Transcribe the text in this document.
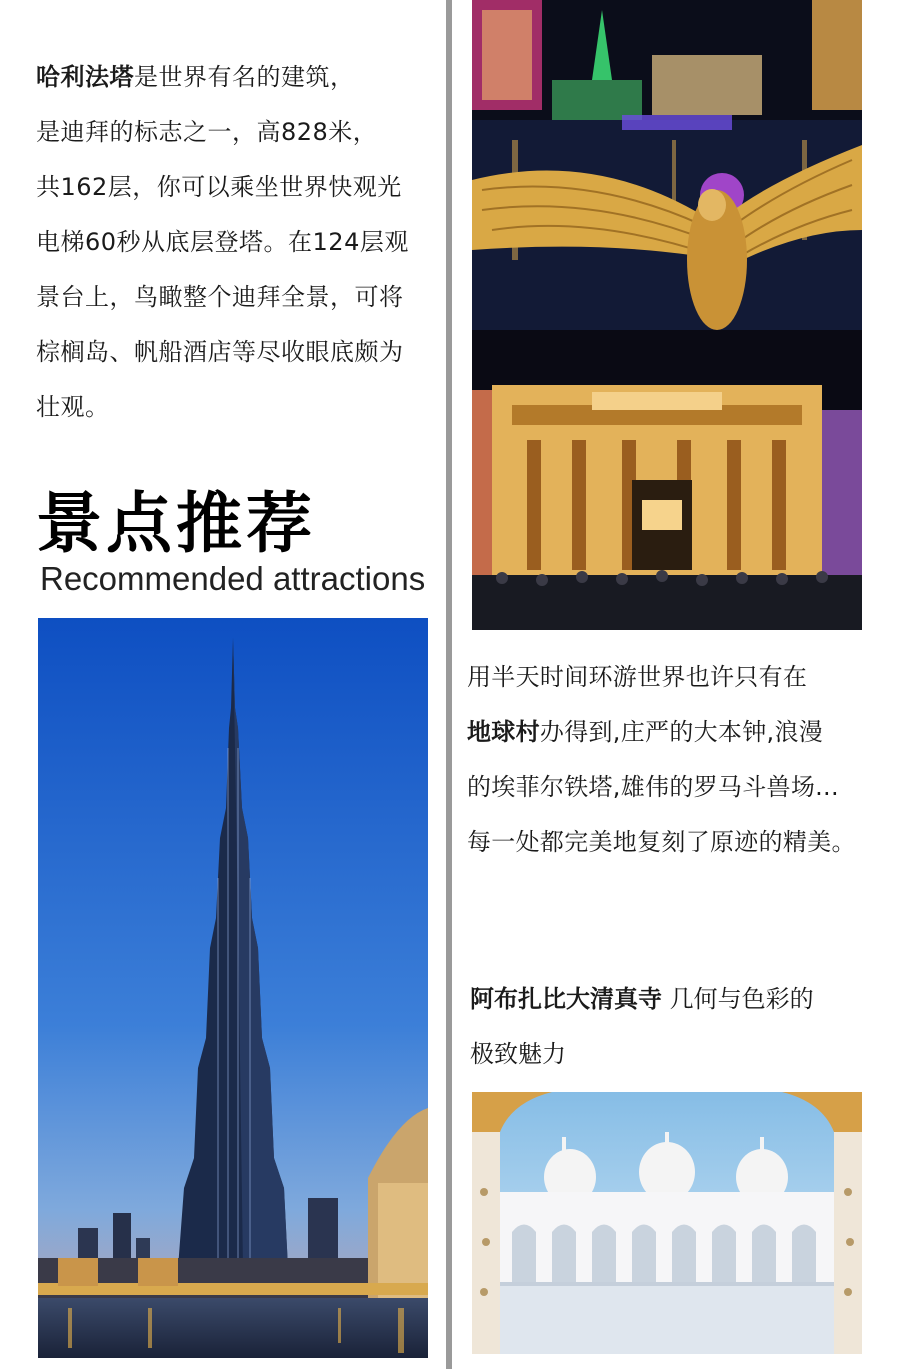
哈利法塔是世界有名的建筑，
是迪拜的标志之一，高828米，
共162层，你可以乘坐世界快观光
电梯60秒从底层登塔。在124层观
景台上，鸟瞰整个迪拜全景，可将
棕榈岛、帆船酒店等尽收眼底颇为
壮观。
景点推荐
Recommended attractions
用半天时间环游世界也许只有在
地球村办得到,庄严的大本钟,浪漫
的埃菲尔铁塔,雄伟的罗马斗兽场...
每一处都完美地复刻了原迹的精美。
阿布扎比大清真寺 几何与色彩的
极致魅力
